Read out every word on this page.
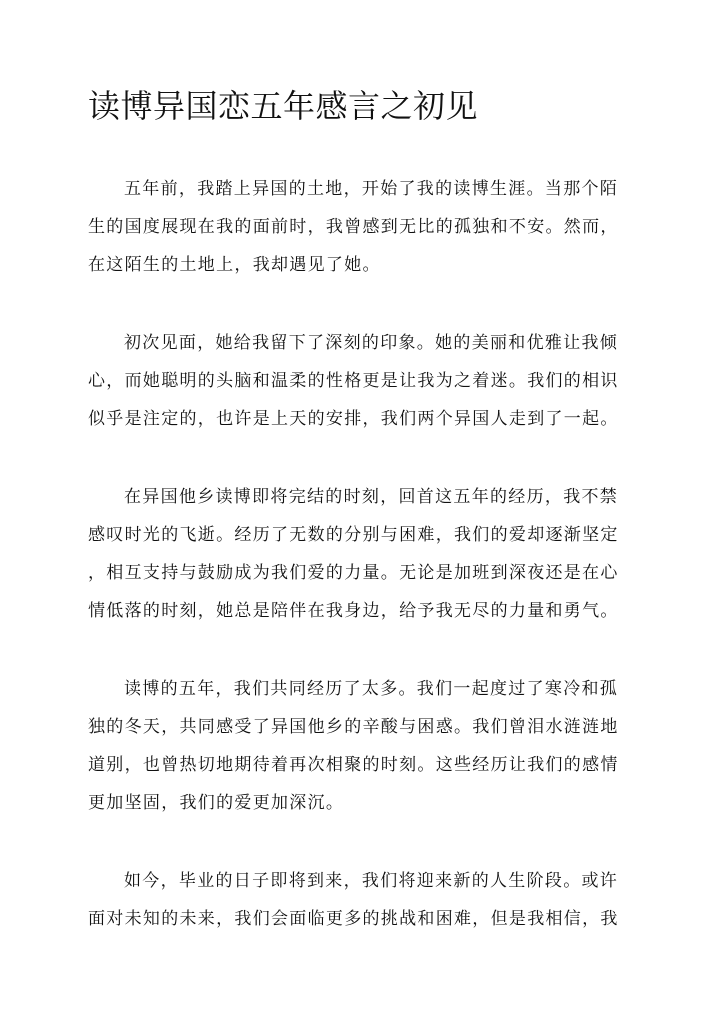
读博异国恋五年感言之初见
五年前，我踏上异国的土地，开始了我的读博生涯。当那个陌
生的国度展现在我的面前时，我曾感到无比的孤独和不安。然而，
在这陌生的土地上，我却遇见了她。
初次见面，她给我留下了深刻的印象。她的美丽和优雅让我倾
心，而她聪明的头脑和温柔的性格更是让我为之着迷。我们的相识
似乎是注定的，也许是上天的安排，我们两个异国人走到了一起。
在异国他乡读博即将完结的时刻，回首这五年的经历，我不禁
感叹时光的飞逝。经历了无数的分别与困难，我们的爱却逐渐坚定
，相互支持与鼓励成为我们爱的力量。无论是加班到深夜还是在心
情低落的时刻，她总是陪伴在我身边，给予我无尽的力量和勇气。
读博的五年，我们共同经历了太多。我们一起度过了寒冷和孤
独的冬天，共同感受了异国他乡的辛酸与困惑。我们曾泪水涟涟地
道别，也曾热切地期待着再次相聚的时刻。这些经历让我们的感情
更加坚固，我们的爱更加深沉。
如今，毕业的日子即将到来，我们将迎来新的人生阶段。或许
面对未知的未来，我们会面临更多的挑战和困难，但是我相信，我
